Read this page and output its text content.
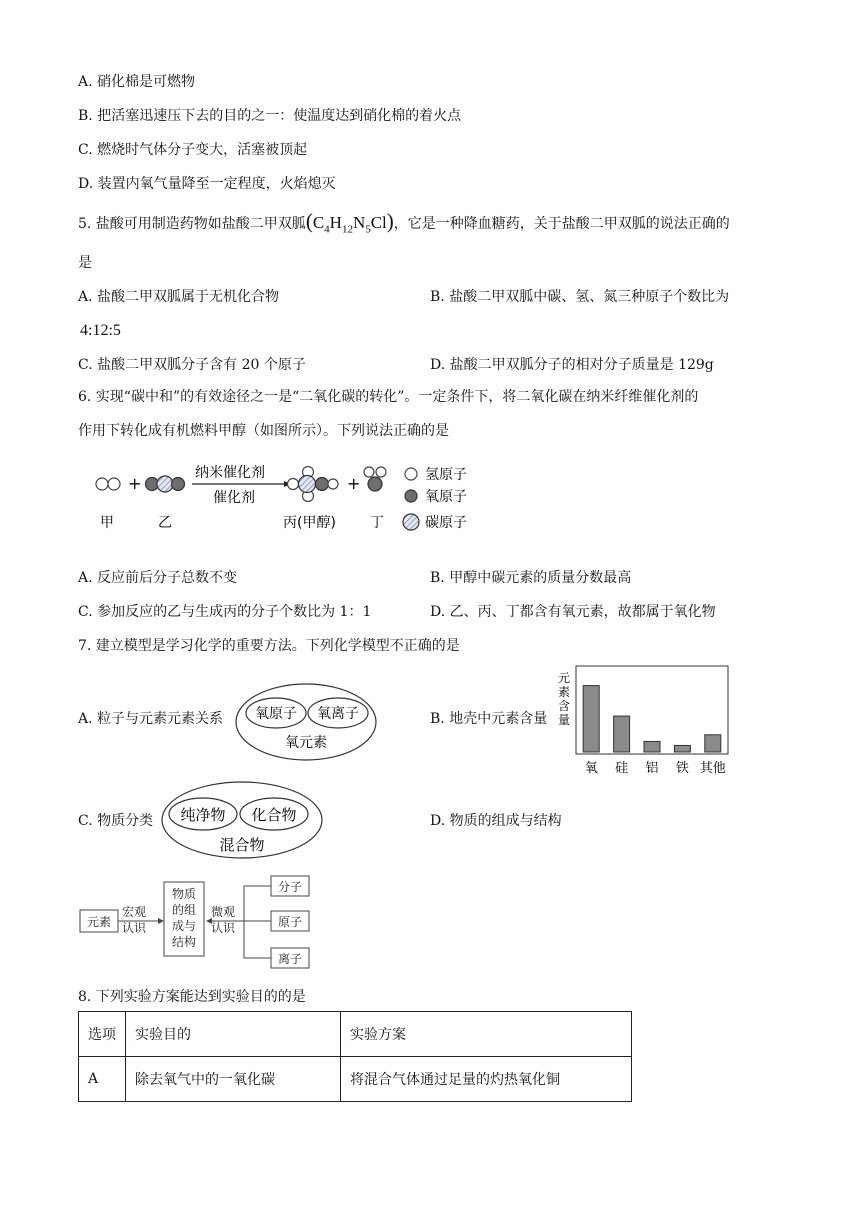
A. 硝化棉是可燃物
B. 把活塞迅速压下去的目的之一：使温度达到硝化棉的着火点
C. 燃烧时气体分子变大，活塞被顶起
D. 装置内氧气量降至一定程度，火焰熄灭
5. 盐酸可用制造药物如盐酸二甲双胍$(C_4H_{12}N_5Cl)$，它是一种降血糖药，关于盐酸二甲双胍的说法正确的
是
A. 盐酸二甲双胍属于无机化合物	B. 盐酸二甲双胍中碳、氢、氮三种原子个数比为
4:12:5
C. 盐酸二甲双胍分子含有 20 个原子	D. 盐酸二甲双胍分子的相对分子质量是 129g
6. 实现“碳中和”的有效途径之一是“二氧化碳的转化”。一定条件下，将二氧化碳在纳米纤维催化剂的
作用下转化成有机燃料甲醇（如图所示）。下列说法正确的是
+
纳米催化剂
催化剂
+	氢原子
氧原子
碳原子
甲	乙	丙(甲醇) 丁
A. 反应前后分子总数不变	B. 甲醇中碳元素的质量分数最高
C. 参加反应的乙与生成丙的分子个数比为 1：1	D. 乙、丙、丁都含有氧元素，故都属于氧化物
7. 建立模型是学习化学的重要方法。下列化学模型不正确的是
A. 粒子与元素元素关系 氧原子 氧离子
氧元素
B. 地壳中元素含量
元素含量
氧 硅 铝 铁 其他
C. 物质分类 纯净物 化合物
混合物
D. 物质的组成与结构
元素
宏观
认识
物质
的组
成与
结构
微观
认识
分子
原子
离子
8. 下列实验方案能达到实验目的的是
选项	实验目的	实验方案
A	除去氧气中的一氧化碳	将混合气体通过足量的灼热氧化铜
